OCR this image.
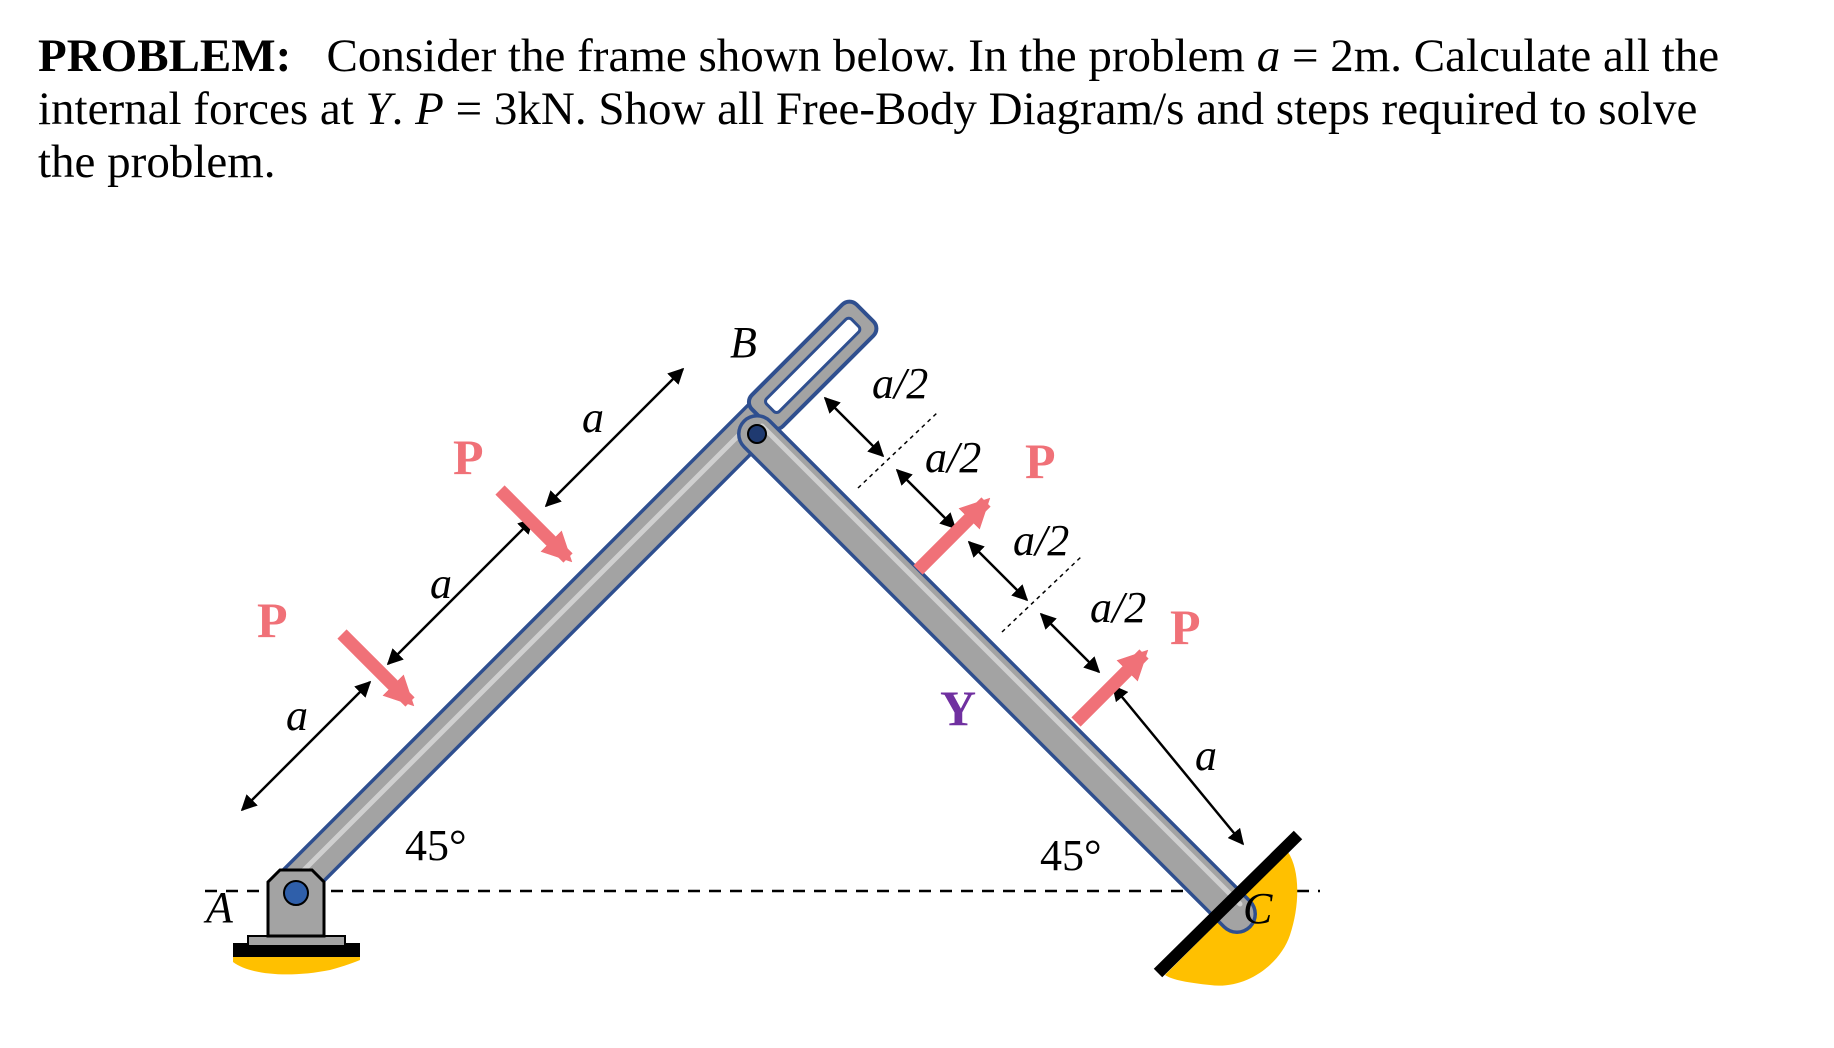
PROBLEM: Consider the frame shown below. In the problem a = 2m. Calculate all the internal forces at Y. P = 3kN. Show all Free-Body Diagram/s and steps required to solve the problem.
A
B
C
Y
P
P	P
P
a
a
a
a/2
a/2
a/2
a/2
a
45°	45°
